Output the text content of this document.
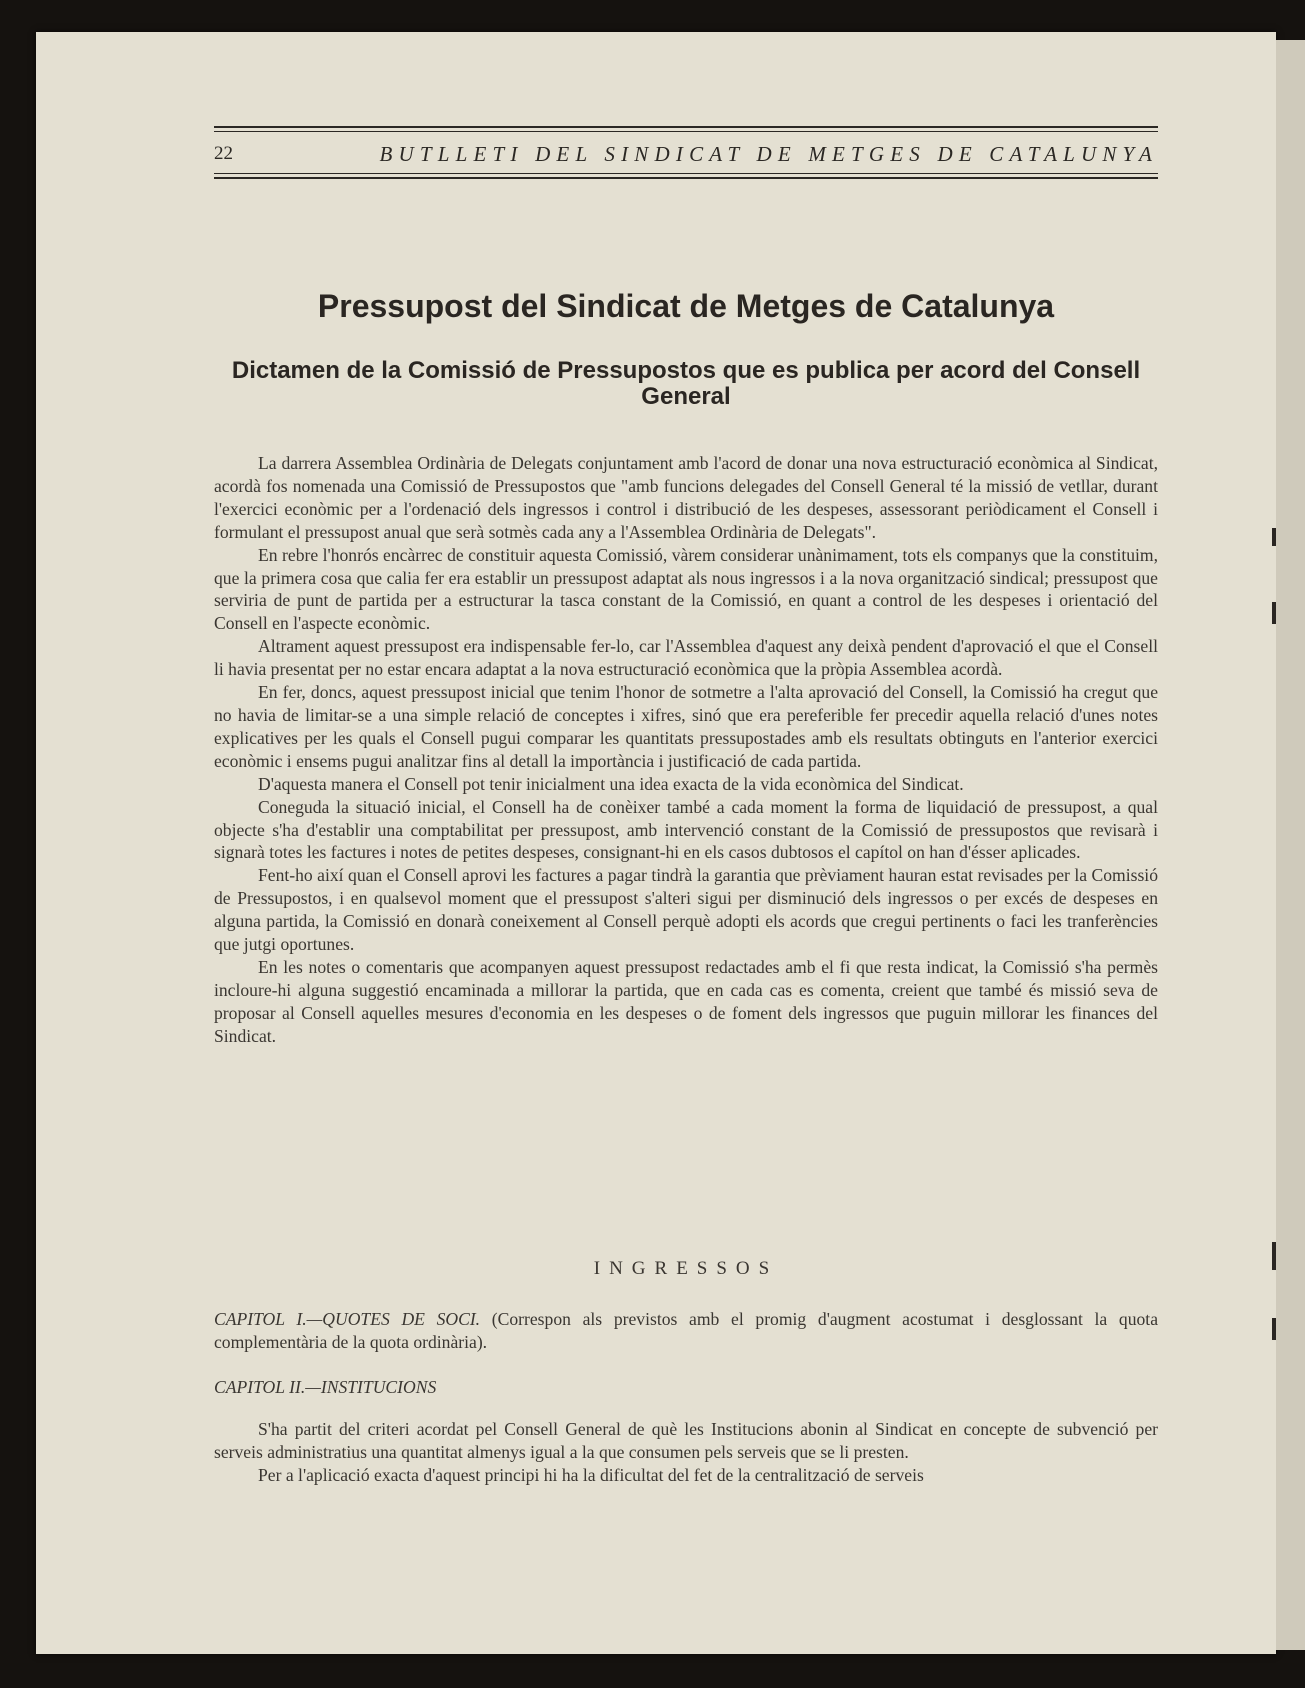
22	BUTLLETI DEL SINDICAT DE METGES DE CATALUNYA
Pressupost del Sindicat de Metges de Catalunya
Dictamen de la Comissió de Pressupostos que es publica per acord del Consell General

La darrera Assemblea Ordinària de Delegats conjuntament amb l'acord de donar una nova estructuració econòmica al Sindicat, acordà fos nomenada una Comissió de Pressupostos que "amb funcions delegades del Consell General té la missió de vetllar, durant l'exercici econòmic per a l'ordenació dels ingressos i control i distribució de les despeses, assessorant periòdicament el Consell i formulant el pressupost anual que serà sotmès cada any a l'Assemblea Ordinària de Delegats".

En rebre l'honrós encàrrec de constituir aquesta Comissió, vàrem considerar unànimament, tots els companys que la constituim, que la primera cosa que calia fer era establir un pressupost adaptat als nous ingressos i a la nova organització sindical; pressupost que serviria de punt de partida per a estructurar la tasca constant de la Comissió, en quant a control de les despeses i orientació del Consell en l'aspecte econòmic.

Altrament aquest pressupost era indispensable fer-lo, car l'Assemblea d'aquest any deixà pendent d'aprovació el que el Consell li havia presentat per no estar encara adaptat a la nova estructuració econòmica que la pròpia Assemblea acordà.

En fer, doncs, aquest pressupost inicial que tenim l'honor de sotmetre a l'alta aprovació del Consell, la Comissió ha cregut que no havia de limitar-se a una simple relació de conceptes i xifres, sinó que era pereferible fer precedir aquella relació d'unes notes explicatives per les quals el Consell pugui comparar les quantitats pressupostades amb els resultats obtinguts en l'anterior exercici econòmic i ensems pugui analitzar fins al detall la importància i justificació de cada partida.

D'aquesta manera el Consell pot tenir inicialment una idea exacta de la vida econòmica del Sindicat.

Coneguda la situació inicial, el Consell ha de conèixer també a cada moment la forma de liquidació de pressupost, a qual objecte s'ha d'establir una comptabilitat per pressupost, amb intervenció constant de la Comissió de pressupostos que revisarà i signarà totes les factures i notes de petites despeses, consignant-hi en els casos dubtosos el capítol on han d'ésser aplicades.

Fent-ho així quan el Consell aprovi les factures a pagar tindrà la garantia que prèviament hauran estat revisades per la Comissió de Pressupostos, i en qualsevol moment que el pressupost s'alteri sigui per disminució dels ingressos o per excés de despeses en alguna partida, la Comissió en donarà coneixement al Consell perquè adopti els acords que cregui pertinents o faci les tranferències que jutgi oportunes.

En les notes o comentaris que acompanyen aquest pressupost redactades amb el fi que resta indicat, la Comissió s'ha permès incloure-hi alguna suggestió encaminada a millorar la partida, que en cada cas es comenta, creient que també és missió seva de proposar al Consell aquelles mesures d'economia en les despeses o de foment dels ingressos que puguin millorar les finances del Sindicat.

INGRESSOS
CAPITOL I.—QUOTES DE SOCI. (Correspon als previstos amb el promig d'augment acostumat i desglossant la quota complementària de la quota ordinària).
CAPITOL II.—INSTITUCIONS

S'ha partit del criteri acordat pel Consell General de què les Institucions abonin al Sindicat en concepte de subvenció per serveis administratius una quantitat almenys igual a la que consumen pels serveis que se li presten.

Per a l'aplicació exacta d'aquest principi hi ha la dificultat del fet de la centralització de serveis
